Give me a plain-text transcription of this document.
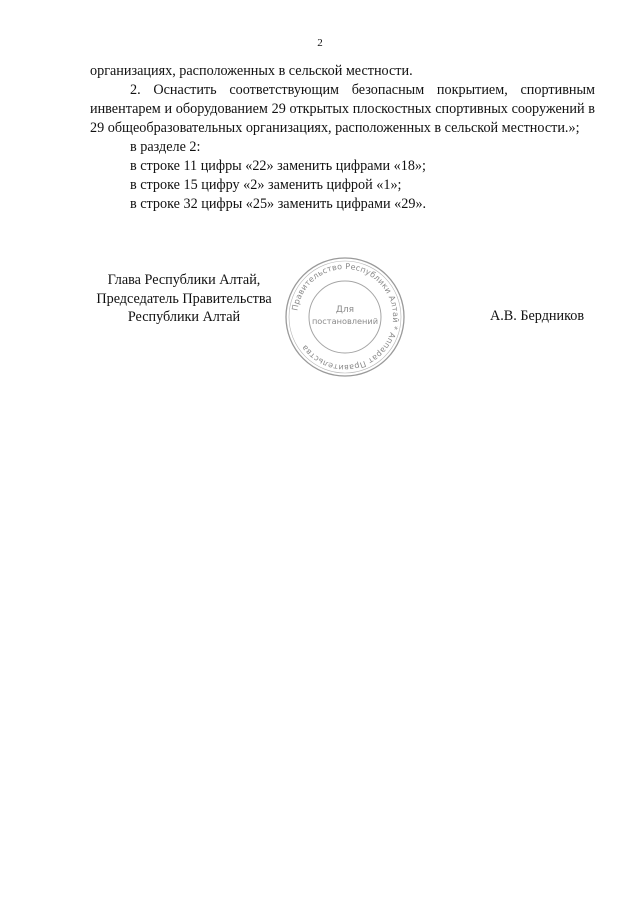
2

организациях, расположенных в сельской местности.

2. Оснастить соответствующим безопасным покрытием, спортивным инвентарем и оборудованием 29 открытых плоскостных спортивных сооружений в 29 общеобразовательных организациях, расположенных в сельской местности.»;

в разделе 2:

в строке 11 цифры «22» заменить цифрами «18»;

в строке 15 цифру «2» заменить цифрой «1»;

в строке 32 цифры «25» заменить цифрами «29».

Глава Республики Алтай,
Председатель Правительства
Республики Алтай
Правительство Республики Алтай * Аппарат Правительства
Для
постановлений	А.В. Бердников
